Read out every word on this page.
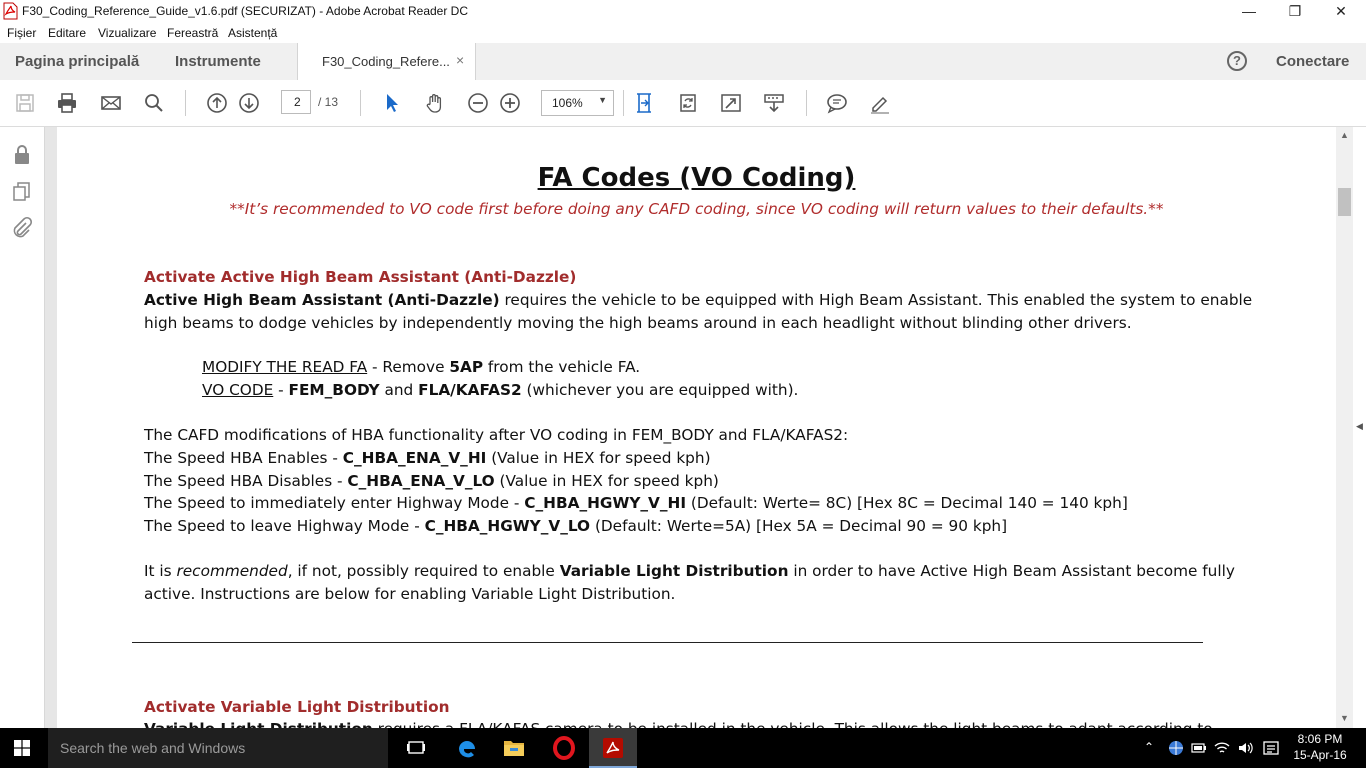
F30_Coding_Reference_Guide_v1.6.pdf (SECURIZAT) - Adobe Acrobat Reader DC	—	❐	✕
Fișier Editare Vizualizare Fereastră Asistență
Pagina principală Instrumente	F30_Coding_Refere... ×	?	Conectare
2	/ 13	106% ▼
FA Codes (VO Coding)
**It’s recommended to VO code first before doing any CAFD coding, since VO coding will return values to their defaults.**
Activate Active High Beam Assistant (Anti-Dazzle)
Active High Beam Assistant (Anti-Dazzle) requires the vehicle to be equipped with High Beam Assistant. This enabled the system to enable
high beams to dodge vehicles by independently moving the high beams around in each headlight without blinding other drivers.
MODIFY THE READ FA - Remove 5AP from the vehicle FA.
VO CODE - FEM_BODY and FLA/KAFAS2 (whichever you are equipped with).
The CAFD modifications of HBA functionality after VO coding in FEM_BODY and FLA/KAFAS2:
The Speed HBA Enables - C_HBA_ENA_V_HI (Value in HEX for speed kph)
The Speed HBA Disables - C_HBA_ENA_V_LO (Value in HEX for speed kph)
The Speed to immediately enter Highway Mode - C_HBA_HGWY_V_HI (Default: Werte= 8C) [Hex 8C = Decimal 140 = 140 kph]
The Speed to leave Highway Mode - C_HBA_HGWY_V_LO (Default: Werte=5A) [Hex 5A = Decimal 90 = 90 kph]
It is recommended, if not, possibly required to enable Variable Light Distribution in order to have Active High Beam Assistant become fully
active. Instructions are below for enabling Variable Light Distribution.
Activate Variable Light Distribution
▲
▼
◀
Search the web and Windows	⌃
8:06 PM
15-Apr-16
